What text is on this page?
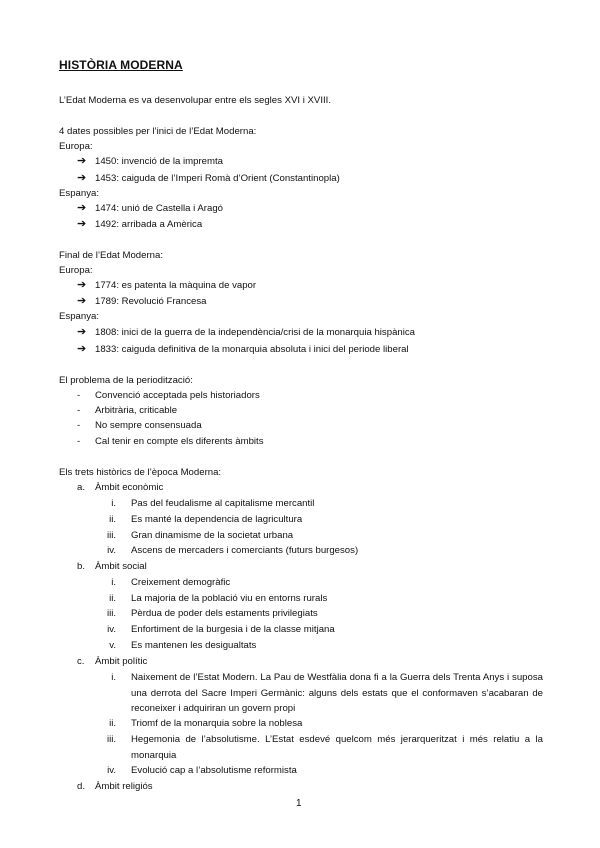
HISTÒRIA MODERNA
L’Edat Moderna es va desenvolupar entre els segles XVI i XVIII.
4 dates possibles per l’inici de l’Edat Moderna:
Europa:
➔ 1450: invenció de la impremta
➔ 1453: caiguda de l’Imperi Romà d’Orient (Constantinopla)
Espanya:
➔ 1474: unió de Castella i Aragó
➔ 1492: arribada a Amèrica
Final de l’Edat Moderna:
Europa:
➔ 1774: es patenta la màquina de vapor
➔ 1789: Revolució Francesa
Espanya:
➔ 1808: inici de la guerra de la independència/crisi de la monarquia hispànica
➔ 1833: caiguda definitiva de la monarquia absoluta i inici del periode liberal
El problema de la periodització:
- Convenció acceptada pels historiadors
- Arbitrària, criticable
- No sempre consensuada
- Cal tenir en compte els diferents àmbits
Els trets històrics de l’època Moderna:
a. Àmbit econòmic
i. Pas del feudalisme al capitalisme mercantil
ii. Es manté la dependencia de lagricultura
iii. Gran dinamisme de la societat urbana
iv. Ascens de mercaders i comerciants (futurs burgesos)
b. Àmbit social
i. Creixement demogràfic
ii. La majoria de la població viu en entorns rurals
iii. Pèrdua de poder dels estaments privilegiats
iv. Enfortiment de la burgesia i de la classe mitjana
v. Es mantenen les desigualtats
c. Àmbit polític
i. Naixement de l’Estat Modern. La Pau de Westfàlia dona fi a la Guerra dels Trenta Anys i suposa una derrota del Sacre Imperi Germànic: alguns dels estats que el conformaven s’acabaran de reconeixer i adquiriran un govern propi
ii. Triomf de la monarquia sobre la noblesa
iii. Hegemonia de l’absolutisme. L’Estat esdevé quelcom més jerarqueritzat i més relatiu a la monarquia
iv. Evolució cap a l’absolutisme reformista
d. Àmbit religiós
1
